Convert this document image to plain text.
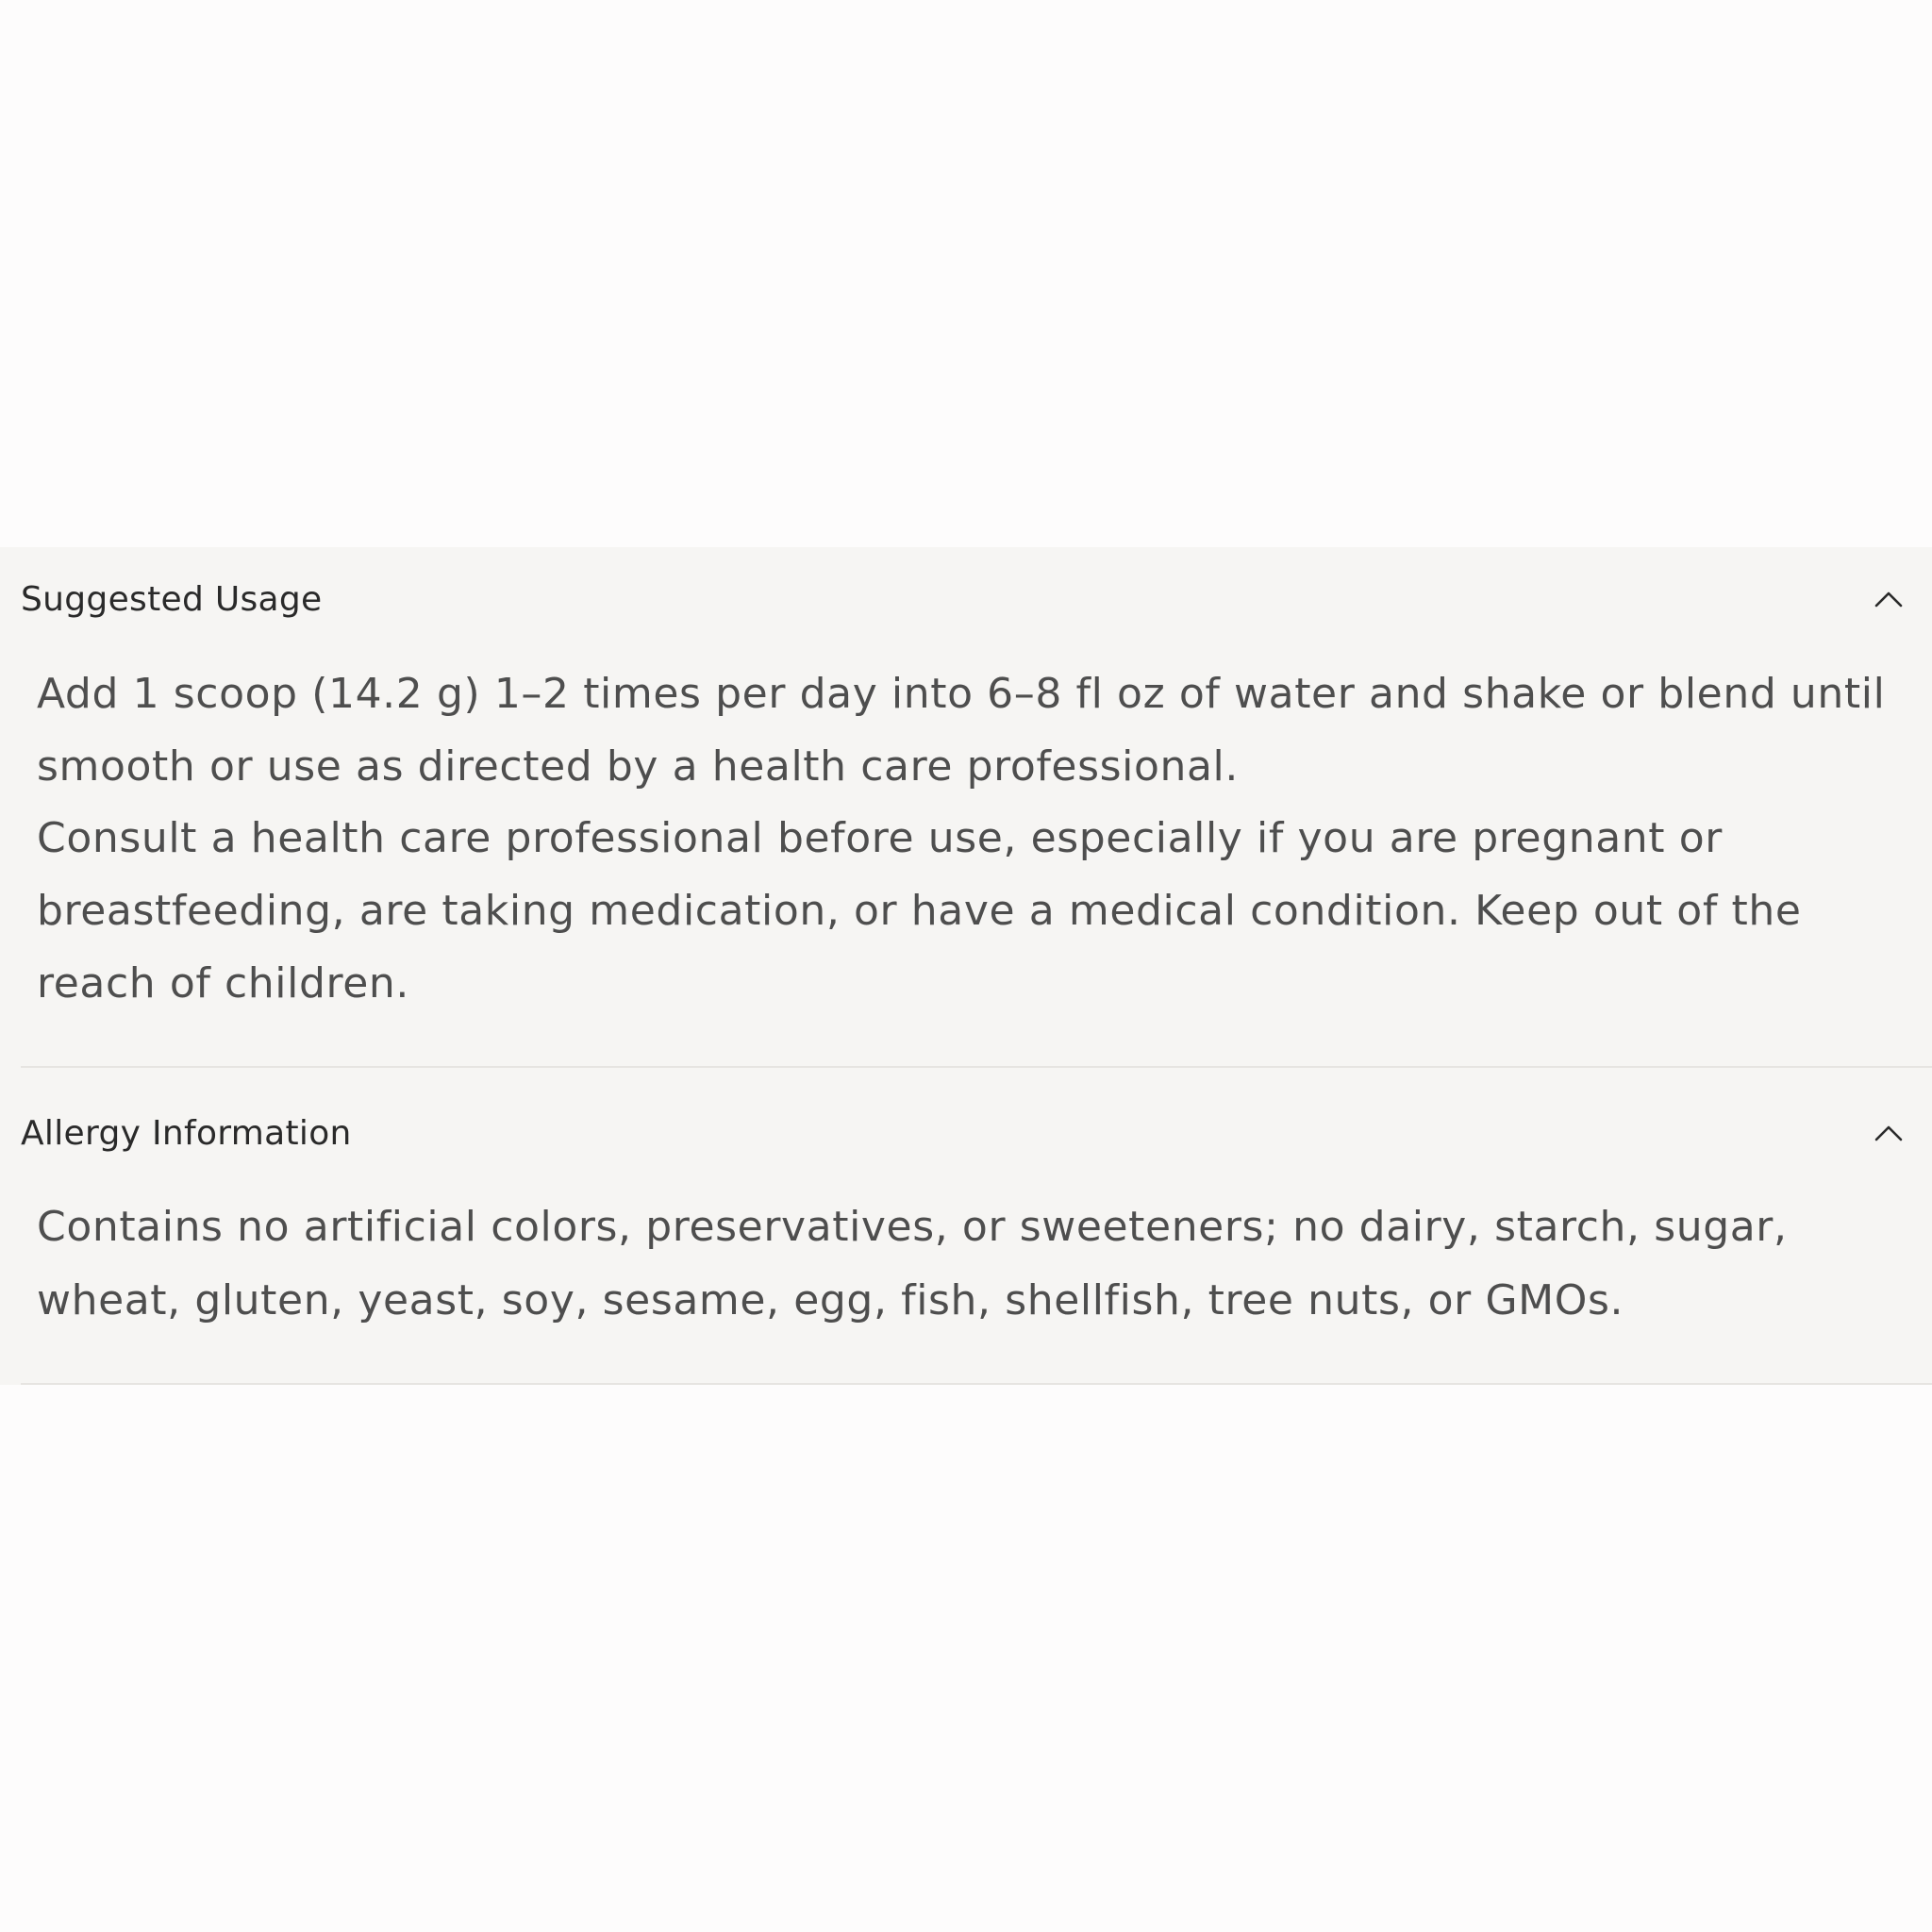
Suggested Usage

Add 1 scoop (14.2 g) 1–2 times per day into 6–8 fl oz of water and shake or blend until smooth or use as directed by a health care professional.

Consult a health care professional before use, especially if you are pregnant or breastfeeding, are taking medication, or have a medical condition. Keep out of the reach of children.

Allergy Information

Contains no artificial colors, preservatives, or sweeteners; no dairy, starch, sugar, wheat, gluten, yeast, soy, sesame, egg, fish, shellfish, tree nuts, or GMOs.
